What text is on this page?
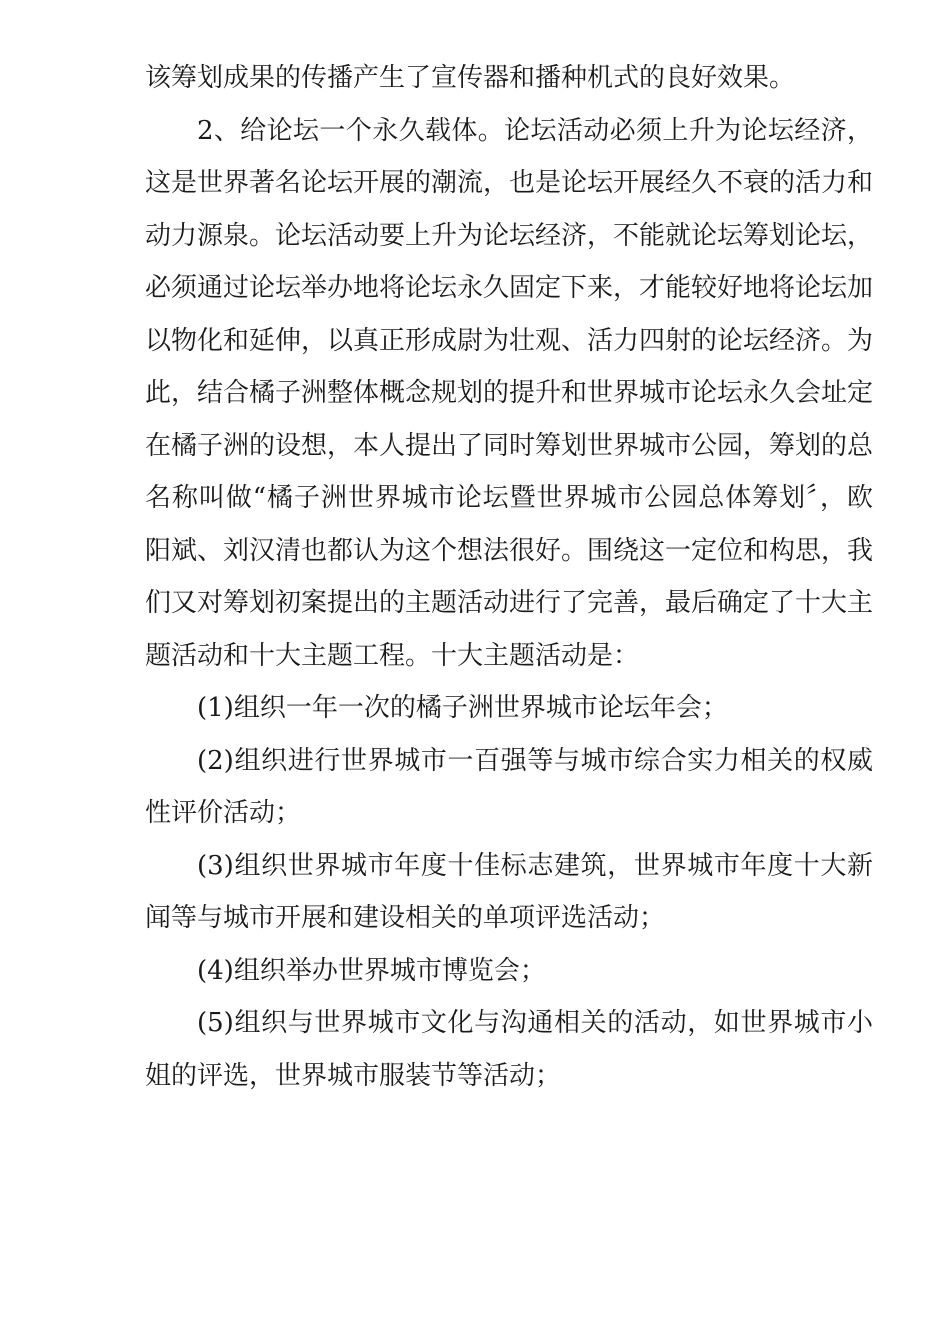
该筹划成果的传播产生了宣传器和播种机式的良好效果。

2、给论坛一个永久载体。论坛活动必须上升为论坛经济，这是世界著名论坛开展的潮流，也是论坛开展经久不衰的活力和动力源泉。论坛活动要上升为论坛经济，不能就论坛筹划论坛，必须通过论坛举办地将论坛永久固定下来，才能较好地将论坛加以物化和延伸，以真正形成尉为壮观、活力四射的论坛经济。为此，结合橘子洲整体概念规划的提升和世界城市论坛永久会址定在橘子洲的设想，本人提出了同时筹划世界城市公园，筹划的总名称叫做“橘子洲世界城市论坛暨世界城市公园总体筹划〞，欧阳斌、刘汉清也都认为这个想法很好。围绕这一定位和构思，我们又对筹划初案提出的主题活动进行了完善，最后确定了十大主题活动和十大主题工程。十大主题活动是：

(1)组织一年一次的橘子洲世界城市论坛年会；

(2)组织进行世界城市一百强等与城市综合实力相关的权威性评价活动；

(3)组织世界城市年度十佳标志建筑，世界城市年度十大新闻等与城市开展和建设相关的单项评选活动；

(4)组织举办世界城市博览会；

(5)组织与世界城市文化与沟通相关的活动，如世界城市小姐的评选，世界城市服装节等活动；
